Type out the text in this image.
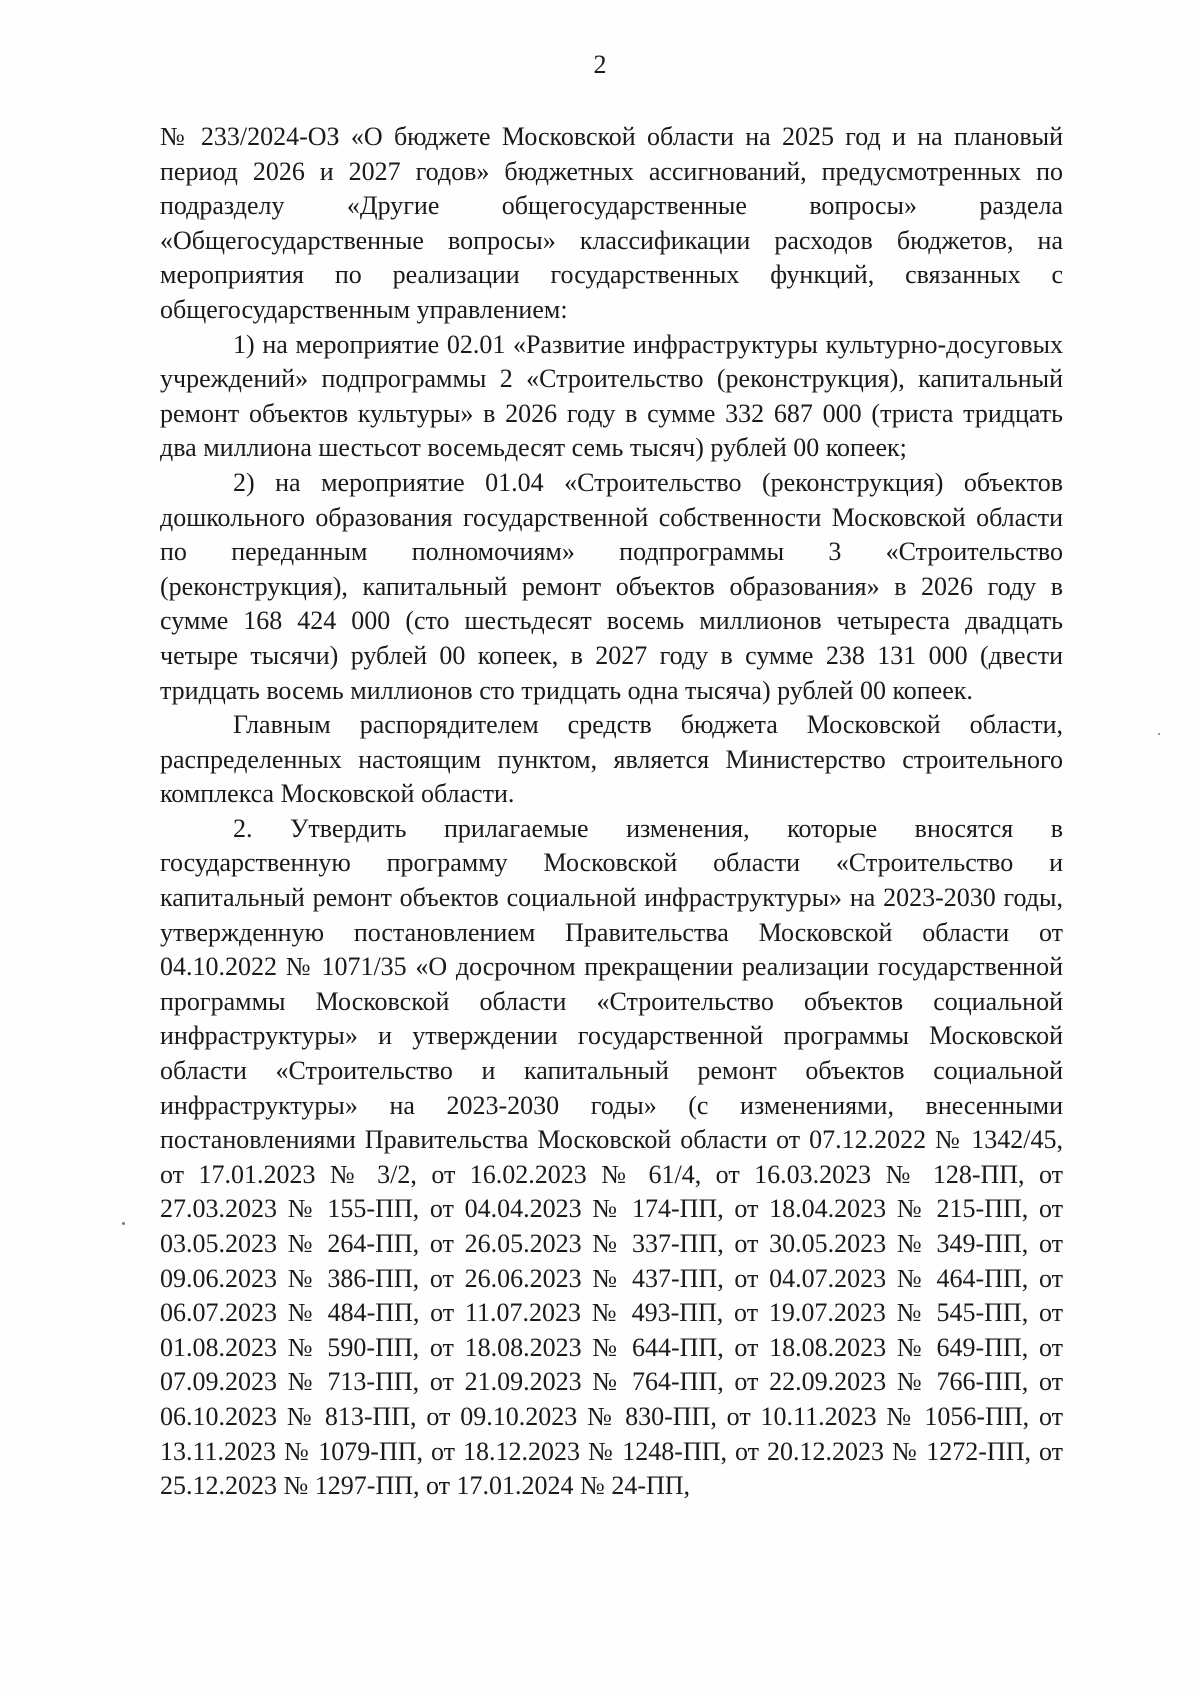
2

№ 233/2024-ОЗ «О бюджете Московской области на 2025 год и на плановый период 2026 и 2027 годов» бюджетных ассигнований, предусмотренных по подразделу «Другие общегосударственные вопросы» раздела «Общегосударственные вопросы» классификации расходов бюджетов, на мероприятия по реализации государственных функций, связанных с общегосударственным управлением:

1) на мероприятие 02.01 «Развитие инфраструктуры культурно-досуговых учреждений» подпрограммы 2 «Строительство (реконструкция), капитальный ремонт объектов культуры» в 2026 году в сумме 332 687 000 (триста тридцать два миллиона шестьсот восемьдесят семь тысяч) рублей 00 копеек;

2) на мероприятие 01.04 «Строительство (реконструкция) объектов дошкольного образования государственной собственности Московской области по переданным полномочиям» подпрограммы 3 «Строительство (реконструкция), капитальный ремонт объектов образования» в 2026 году в сумме 168 424 000 (сто шестьдесят восемь миллионов четыреста двадцать четыре тысячи) рублей 00 копеек, в 2027 году в сумме 238 131 000 (двести тридцать восемь миллионов сто тридцать одна тысяча) рублей 00 копеек.

Главным распорядителем средств бюджета Московской области, распределенных настоящим пунктом, является Министерство строительного комплекса Московской области.

2. Утвердить прилагаемые изменения, которые вносятся в государственную программу Московской области «Строительство и капитальный ремонт объектов социальной инфраструктуры» на 2023-2030 годы, утвержденную постановлением Правительства Московской области от 04.10.2022 № 1071/35 «О досрочном прекращении реализации государственной программы Московской области «Строительство объектов социальной инфраструктуры» и утверждении государственной программы Московской области «Строительство и капитальный ремонт объектов социальной инфраструктуры» на 2023-2030 годы» (с изменениями, внесенными постановлениями Правительства Московской области от 07.12.2022 № 1342/45, от 17.01.2023 № 3/2, от 16.02.2023 № 61/4, от 16.03.2023 № 128-ПП, от 27.03.2023 № 155-ПП, от 04.04.2023 № 174-ПП, от 18.04.2023 № 215-ПП, от 03.05.2023 № 264-ПП, от 26.05.2023 № 337-ПП, от 30.05.2023 № 349-ПП, от 09.06.2023 № 386-ПП, от 26.06.2023 № 437-ПП, от 04.07.2023 № 464-ПП, от 06.07.2023 № 484-ПП, от 11.07.2023 № 493-ПП, от 19.07.2023 № 545-ПП, от 01.08.2023 № 590-ПП, от 18.08.2023 № 644-ПП, от 18.08.2023 № 649-ПП, от 07.09.2023 № 713-ПП, от 21.09.2023 № 764-ПП, от 22.09.2023 № 766-ПП, от 06.10.2023 № 813-ПП, от 09.10.2023 № 830-ПП, от 10.11.2023 № 1056-ПП, от 13.11.2023 № 1079-ПП, от 18.12.2023 № 1248-ПП, от 20.12.2023 № 1272-ПП, от 25.12.2023 № 1297-ПП, от 17.01.2024 № 24-ПП,
